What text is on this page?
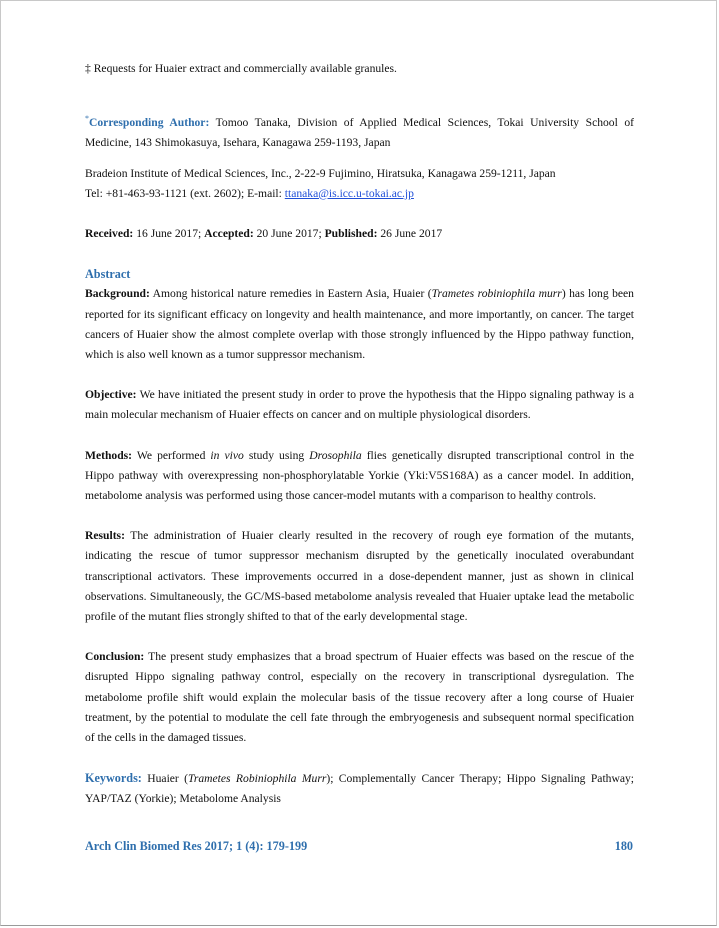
‡ Requests for Huaier extract and commercially available granules.

*Corresponding Author: Tomoo Tanaka, Division of Applied Medical Sciences, Tokai University School of Medicine, 143 Shimokasuya, Isehara, Kanagawa 259-1193, Japan

Bradeion Institute of Medical Sciences, Inc., 2-22-9 Fujimino, Hiratsuka, Kanagawa 259-1211, Japan

Tel: +81-463-93-1121 (ext. 2602); E-mail: ttanaka@is.icc.u-tokai.ac.jp

Received: 16 June 2017; Accepted: 20 June 2017; Published: 26 June 2017

Abstract

Background: Among historical nature remedies in Eastern Asia, Huaier (Trametes robiniophila murr) has long been reported for its significant efficacy on longevity and health maintenance, and more importantly, on cancer. The target cancers of Huaier show the almost complete overlap with those strongly influenced by the Hippo pathway function, which is also well known as a tumor suppressor mechanism.

Objective: We have initiated the present study in order to prove the hypothesis that the Hippo signaling pathway is a main molecular mechanism of Huaier effects on cancer and on multiple physiological disorders.

Methods: We performed in vivo study using Drosophila flies genetically disrupted transcriptional control in the Hippo pathway with overexpressing non-phosphorylatable Yorkie (Yki:V5S168A) as a cancer model. In addition, metabolome analysis was performed using those cancer-model mutants with a comparison to healthy controls.

Results: The administration of Huaier clearly resulted in the recovery of rough eye formation of the mutants, indicating the rescue of tumor suppressor mechanism disrupted by the genetically inoculated overabundant transcriptional activators. These improvements occurred in a dose-dependent manner, just as shown in clinical observations. Simultaneously, the GC/MS-based metabolome analysis revealed that Huaier uptake lead the metabolic profile of the mutant flies strongly shifted to that of the early developmental stage.

Conclusion: The present study emphasizes that a broad spectrum of Huaier effects was based on the rescue of the disrupted Hippo signaling pathway control, especially on the recovery in transcriptional dysregulation. The metabolome profile shift would explain the molecular basis of the tissue recovery after a long course of Huaier treatment, by the potential to modulate the cell fate through the embryogenesis and subsequent normal specification of the cells in the damaged tissues.

Keywords: Huaier (Trametes Robiniophila Murr); Complementally Cancer Therapy; Hippo Signaling Pathway; YAP/TAZ (Yorkie); Metabolome Analysis

Arch Clin Biomed Res 2017; 1 (4): 179-199	180
